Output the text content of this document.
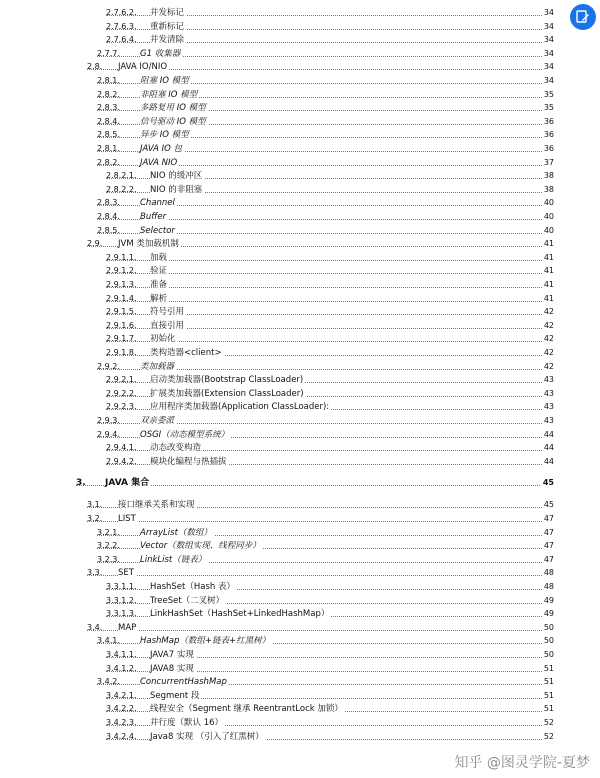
2.7.6.2. 并发标记	34
2.7.6.3. 重新标记	34
2.7.6.4. 并发清除	34
2.7.7. G1 收集器	34
2.8. JAVA IO/NIO	34
2.8.1. 阻塞 IO 模型	34
2.8.2. 非阻塞 IO 模型	35
2.8.3. 多路复用 IO 模型	35
2.8.4. 信号驱动 IO 模型	36
2.8.5. 异步 IO 模型	36
2.8.1. JAVA IO 包	36
2.8.2. JAVA NIO	37
2.8.2.1. NIO 的缓冲区	38
2.8.2.2. NIO 的非阻塞	38
2.8.3. Channel	40
2.8.4. Buffer	40
2.8.5. Selector	40
2.9. JVM 类加载机制	41
2.9.1.1. 加载	41
2.9.1.2. 验证	41
2.9.1.3. 准备	41
2.9.1.4. 解析	41
2.9.1.5. 符号引用	42
2.9.1.6. 直接引用	42
2.9.1.7. 初始化	42
2.9.1.8. 类构造器<client>	42
2.9.2. 类加载器	42
2.9.2.1. 启动类加载器(Bootstrap ClassLoader)	43
2.9.2.2. 扩展类加载器(Extension ClassLoader)	43
2.9.2.3. 应用程序类加载器(Application ClassLoader):	43
2.9.3. 双亲委派	43
2.9.4. OSGI（动态模型系统）	44
2.9.4.1. 动态改变构造	44
2.9.4.2. 模块化编程与热插拔	44
3. JAVA 集合	45
3.1. 接口继承关系和实现	45
3.2. LIST	47
3.2.1. ArrayList（数组）	47
3.2.2. Vector（数组实现、线程同步）	47
3.2.3. LinkList（链表）	47
3.3. SET	48
3.3.1.1. HashSet（Hash 表）	48
3.3.1.2. TreeSet（二叉树）	49
3.3.1.3. LinkHashSet（HashSet+LinkedHashMap）	49
3.4. MAP	50
3.4.1. HashMap（数组+链表+红黑树）	50
3.4.1.1. JAVA7 实现	50
3.4.1.2. JAVA8 实现	51
3.4.2. ConcurrentHashMap	51
3.4.2.1. Segment 段	51
3.4.2.2. 线程安全（Segment 继承 ReentrantLock 加锁）	51
3.4.2.3. 并行度（默认 16）	52
3.4.2.4. Java8 实现 （引入了红黑树）	52
知乎 @图灵学院-夏梦
